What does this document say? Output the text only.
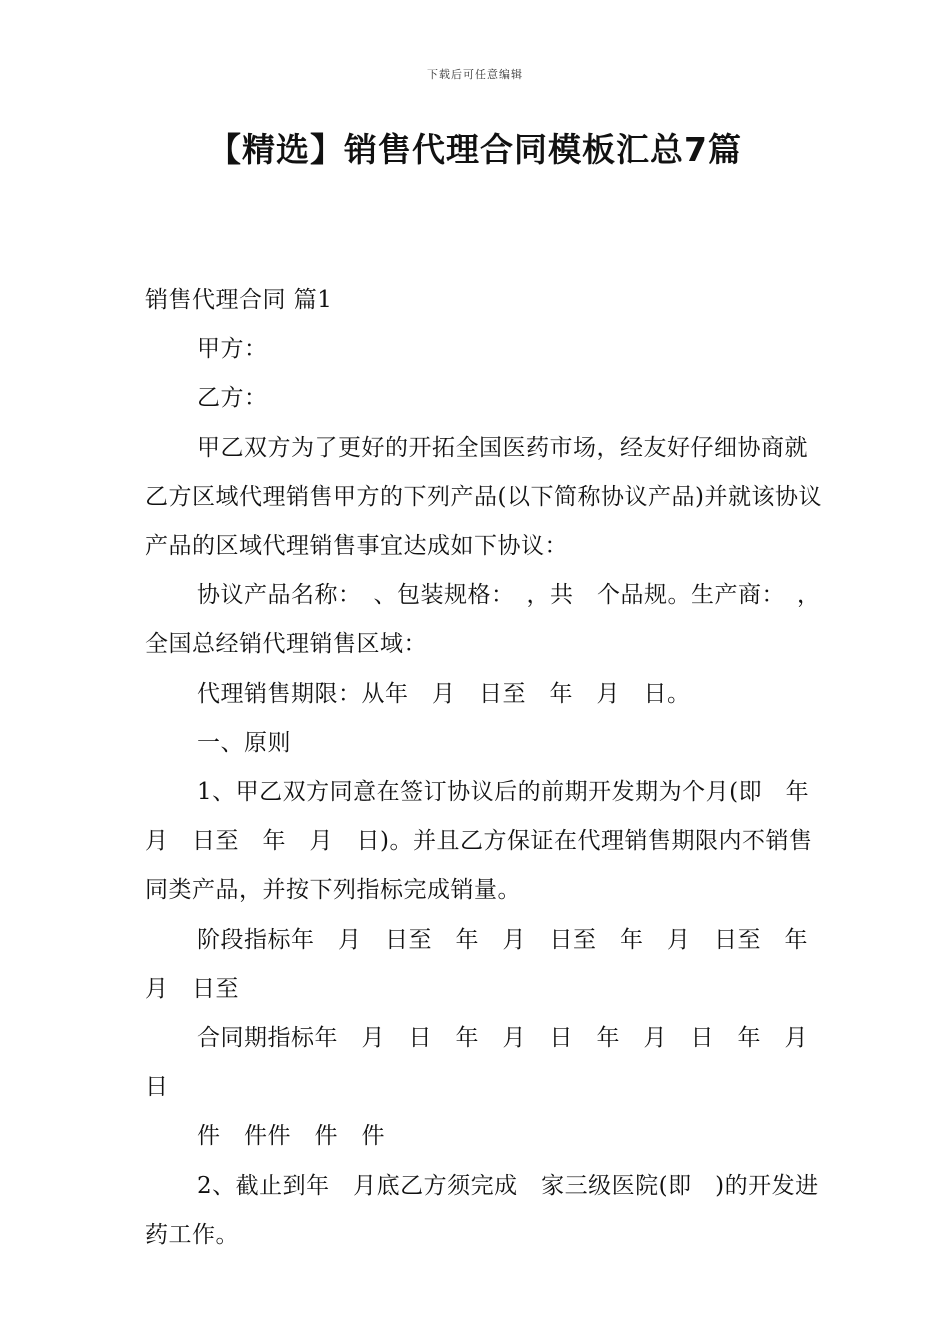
下载后可任意编辑
【精选】销售代理合同模板汇总7篇

销售代理合同 篇1

甲方：

乙方：

甲乙双方为了更好的开拓全国医药市场，经友好仔细协商就乙方区域代理销售甲方的下列产品(以下简称协议产品)并就该协议产品的区域代理销售事宜达成如下协议：

协议产品名称：　、包装规格：　，共　个品规。生产商：　，全国总经销代理销售区域：

代理销售期限：从年　月　日至　年　月　日。

一、原则

1、甲乙双方同意在签订协议后的前期开发期为个月(即　年　月　日至　年　月　日)。并且乙方保证在代理销售期限内不销售同类产品，并按下列指标完成销量。

阶段指标年　月　日至　年　月　日至　年　月　日至　年　月　日至

合同期指标年　月　日　年　月　日　年　月　日　年　月　日

件　件件　件　件

2、截止到年　月底乙方须完成　家三级医院(即　)的开发进药工作。
